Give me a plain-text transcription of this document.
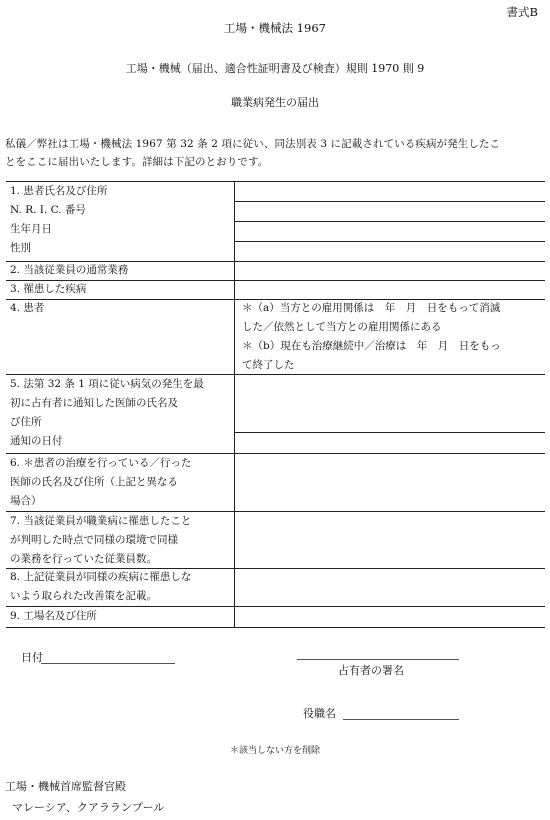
書式B
工場・機械法 1967
工場・機械（届出、適合性証明書及び検査）規則 1970 則 9
職業病発生の届出
私儀／弊社は工場・機械法 1967 第 32 条 2 項に従い、同法別表 3 に記載されている疾病が発生したこ
とをここに届出いたします。詳細は下記のとおりです。
1. 患者氏名及び住所
N. R. I. C. 番号
生年月日
性別
2. 当該従業員の通常業務
3. 罹患した疾病
4. 患者	＊（a）当方との雇用関係は　年　月　日をもって消滅
した／依然として当方との雇用関係にある
＊（b）現在も治療継続中／治療は　年　月　日をもっ
て終了した
5. 法第 32 条 1 項に従い病気の発生を最
初に占有者に通知した医師の氏名及
び住所
通知の日付
6. ＊患者の治療を行っている／行った
医師の氏名及び住所（上記と異なる
場合）
7. 当該従業員が職業病に罹患したこと
が判明した時点で同様の環境で同様
の業務を行っていた従業員数。
8. 上記従業員が同様の疾病に罹患しな
いよう取られた改善策を記載。
9. 工場名及び住所
日付
占有者の署名
役職名
＊該当しない方を削除
工場・機械首席監督官殿
マレーシア、クアラランプール
